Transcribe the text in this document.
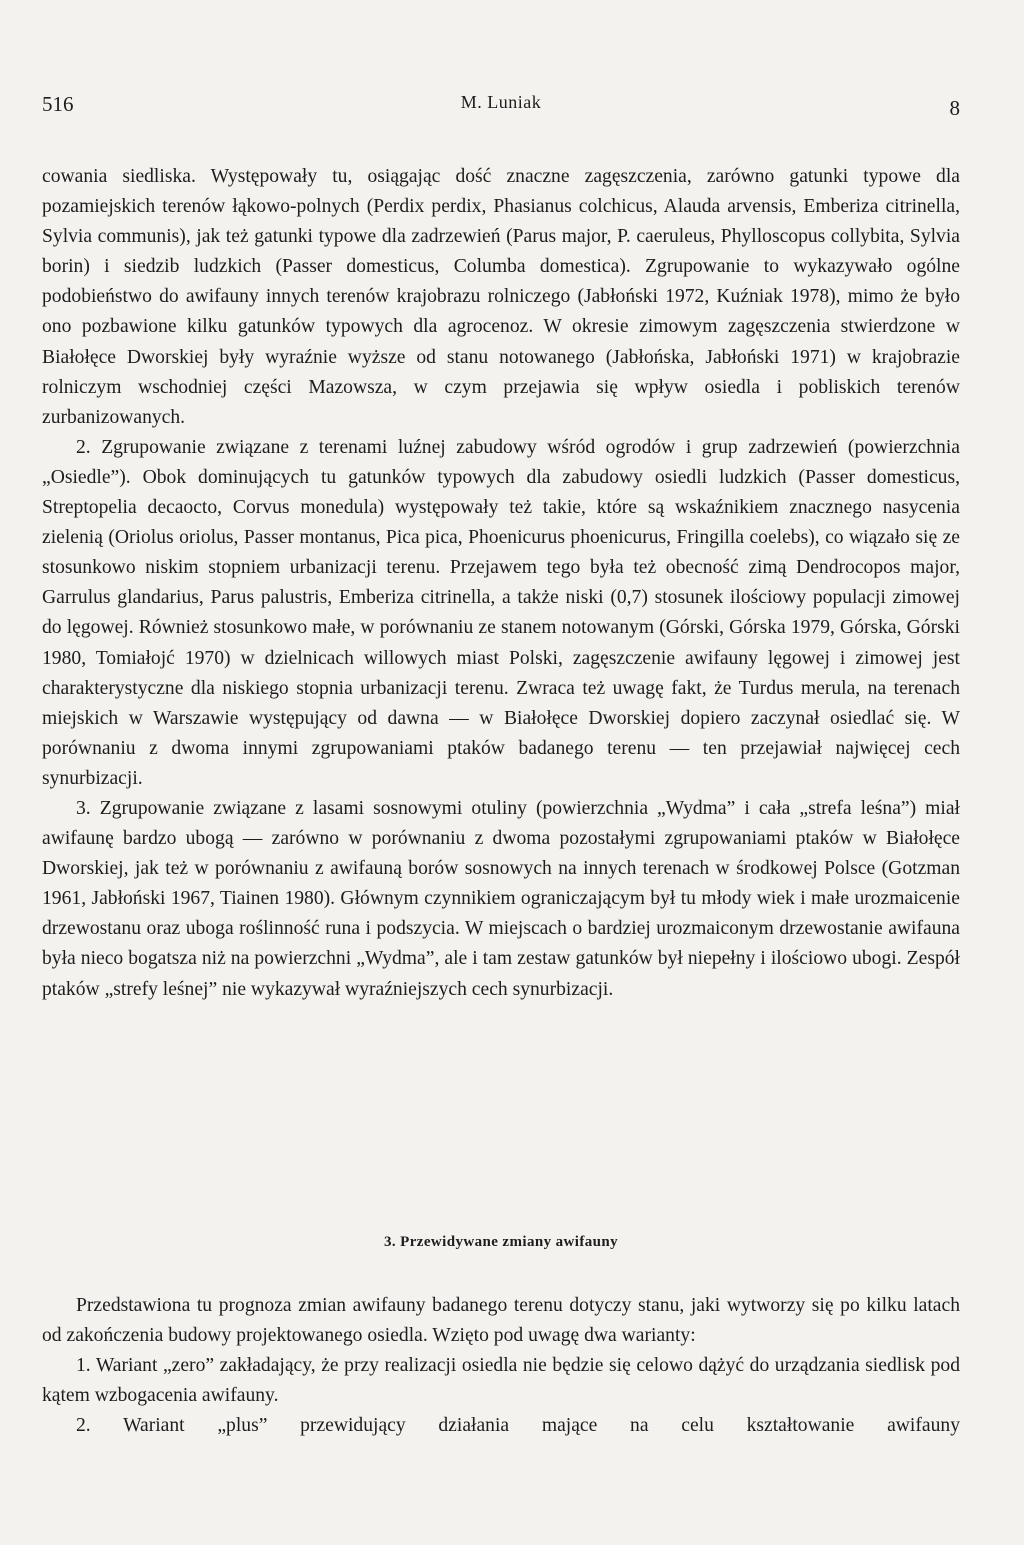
516	M. Luniak	8

cowania siedliska. Występowały tu, osiągając dość znaczne zagęszczenia, zarówno gatunki typowe dla pozamiejskich terenów łąkowo-polnych (Perdix perdix, Phasianus colchicus, Alauda arvensis, Emberiza citrinella, Sylvia communis), jak też gatunki typowe dla zadrzewień (Parus major, P. caeruleus, Phylloscopus collybita, Sylvia borin) i siedzib ludzkich (Passer domesticus, Columba domestica). Zgrupowanie to wykazywało ogólne podobieństwo do awifauny innych terenów krajobrazu rolniczego (Jabłoński 1972, Kuźniak 1978), mimo że było ono pozbawione kilku gatunków typowych dla agrocenoz. W okresie zimowym zagęszczenia stwierdzone w Białołęce Dworskiej były wyraźnie wyższe od stanu notowanego (Jabłońska, Jabłoński 1971) w krajobrazie rolniczym wschodniej części Mazowsza, w czym przejawia się wpływ osiedla i pobliskich terenów zurbanizowanych.

2. Zgrupowanie związane z terenami luźnej zabudowy wśród ogrodów i grup zadrzewień (powierzchnia „Osiedle”). Obok dominujących tu gatunków typowych dla zabudowy osiedli ludzkich (Passer domesticus, Streptopelia decaocto, Corvus monedula) występowały też takie, które są wskaźnikiem znacznego nasycenia zielenią (Oriolus oriolus, Passer montanus, Pica pica, Phoenicurus phoenicurus, Fringilla coelebs), co wiązało się ze stosunkowo niskim stopniem urbanizacji terenu. Przejawem tego była też obecność zimą Dendrocopos major, Garrulus glandarius, Parus palustris, Emberiza citrinella, a także niski (0,7) stosunek ilościowy populacji zimowej do lęgowej. Również stosunkowo małe, w porównaniu ze stanem notowanym (Górski, Górska 1979, Górska, Górski 1980, Tomiałojć 1970) w dzielnicach willowych miast Polski, zagęszczenie awifauny lęgowej i zimowej jest charakterystyczne dla niskiego stopnia urbanizacji terenu. Zwraca też uwagę fakt, że Turdus merula, na terenach miejskich w Warszawie występujący od dawna — w Białołęce Dworskiej dopiero zaczynał osiedlać się. W porównaniu z dwoma innymi zgrupowaniami ptaków badanego terenu — ten przejawiał najwięcej cech synurbizacji.

3. Zgrupowanie związane z lasami sosnowymi otuliny (powierzchnia „Wydma” i cała „strefa leśna”) miał awifaunę bardzo ubogą — zarówno w porównaniu z dwoma pozostałymi zgrupowaniami ptaków w Białołęce Dworskiej, jak też w porównaniu z awifauną borów sosnowych na innych terenach w środkowej Polsce (Gotzman 1961, Jabłoński 1967, Tiainen 1980). Głównym czynnikiem ograniczającym był tu młody wiek i małe urozmaicenie drzewostanu oraz uboga roślinność runa i podszycia. W miejscach o bardziej urozmaiconym drzewostanie awifauna była nieco bogatsza niż na powierzchni „Wydma”, ale i tam zestaw gatunków był niepełny i ilościowo ubogi. Zespół ptaków „strefy leśnej” nie wykazywał wyraźniejszych cech synurbizacji.

3. Przewidywane zmiany awifauny

Przedstawiona tu prognoza zmian awifauny badanego terenu dotyczy stanu, jaki wytworzy się po kilku latach od zakończenia budowy projektowanego osiedla. Wzięto pod uwagę dwa warianty:

1. Wariant „zero” zakładający, że przy realizacji osiedla nie będzie się celowo dążyć do urządzania siedlisk pod kątem wzbogacenia awifauny.

2. Wariant „plus” przewidujący działania mające na celu kształtowanie awifauny
